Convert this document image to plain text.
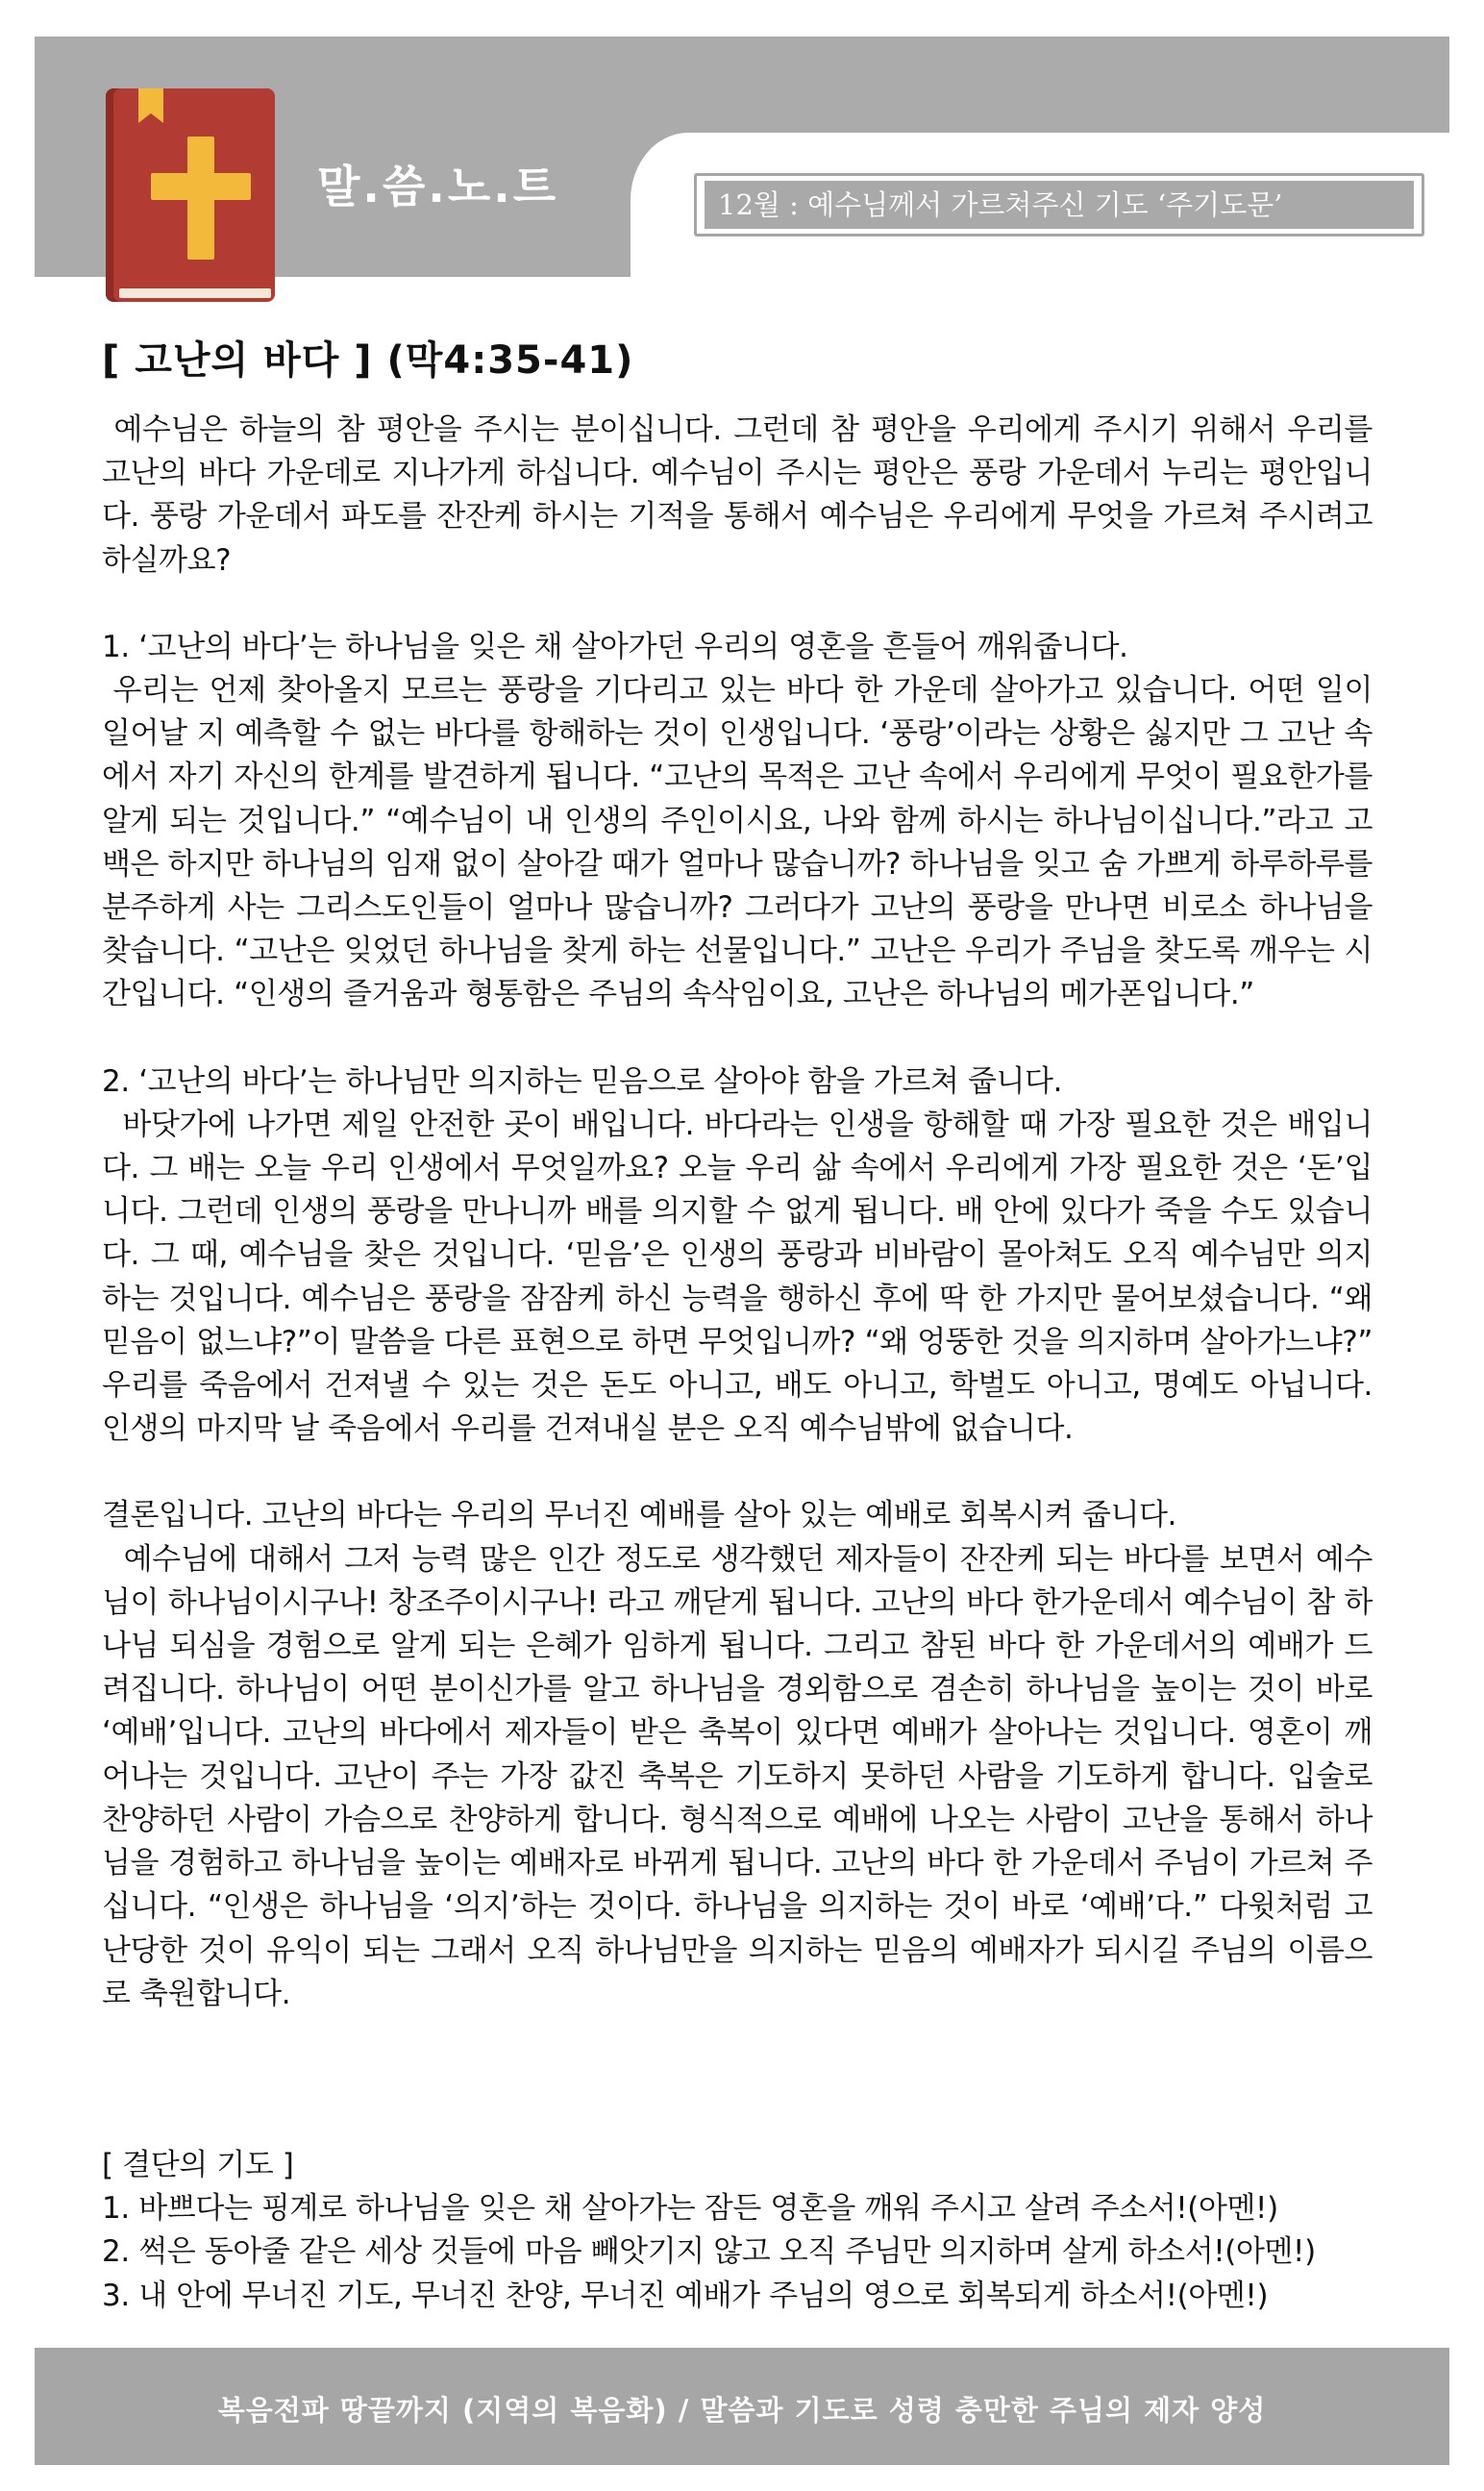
말.씀.노.트	12월 : 예수님께서 가르쳐주신 기도 ‘주기도문’
[ 고난의 바다 ] (막4:35-41)

예수님은 하늘의 참 평안을 주시는 분이십니다. 그런데 참 평안을 우리에게 주시기 위해서 우리를 고난의 바다 가운데로 지나가게 하십니다. 예수님이 주시는 평안은 풍랑 가운데서 누리는 평안입니다. 풍랑 가운데서 파도를 잔잔케 하시는 기적을 통해서 예수님은 우리에게 무엇을 가르쳐 주시려고 하실까요?

1. ‘고난의 바다’는 하나님을 잊은 채 살아가던 우리의 영혼을 흔들어 깨워줍니다.

우리는 언제 찾아올지 모르는 풍랑을 기다리고 있는 바다 한 가운데 살아가고 있습니다. 어떤 일이 일어날 지 예측할 수 없는 바다를 항해하는 것이 인생입니다. ‘풍랑’이라는 상황은 싫지만 그 고난 속에서 자기 자신의 한계를 발견하게 됩니다. “고난의 목적은 고난 속에서 우리에게 무엇이 필요한가를 알게 되는 것입니다.” “예수님이 내 인생의 주인이시요, 나와 함께 하시는 하나님이십니다.”라고 고백은 하지만 하나님의 임재 없이 살아갈 때가 얼마나 많습니까? 하나님을 잊고 숨 가쁘게 하루하루를 분주하게 사는 그리스도인들이 얼마나 많습니까? 그러다가 고난의 풍랑을 만나면 비로소 하나님을 찾습니다. “고난은 잊었던 하나님을 찾게 하는 선물입니다.” 고난은 우리가 주님을 찾도록 깨우는 시간입니다. “인생의 즐거움과 형통함은 주님의 속삭임이요, 고난은 하나님의 메가폰입니다.”

2. ‘고난의 바다’는 하나님만 의지하는 믿음으로 살아야 함을 가르쳐 줍니다.

바닷가에 나가면 제일 안전한 곳이 배입니다. 바다라는 인생을 항해할 때 가장 필요한 것은 배입니다. 그 배는 오늘 우리 인생에서 무엇일까요? 오늘 우리 삶 속에서 우리에게 가장 필요한 것은 ‘돈’입니다. 그런데 인생의 풍랑을 만나니까 배를 의지할 수 없게 됩니다. 배 안에 있다가 죽을 수도 있습니다. 그 때, 예수님을 찾은 것입니다. ‘믿음’은 인생의 풍랑과 비바람이 몰아쳐도 오직 예수님만 의지하는 것입니다. 예수님은 풍랑을 잠잠케 하신 능력을 행하신 후에 딱 한 가지만 물어보셨습니다. “왜 믿음이 없느냐?”이 말씀을 다른 표현으로 하면 무엇입니까? “왜 엉뚱한 것을 의지하며 살아가느냐?” 우리를 죽음에서 건져낼 수 있는 것은 돈도 아니고, 배도 아니고, 학벌도 아니고, 명예도 아닙니다. 인생의 마지막 날 죽음에서 우리를 건져내실 분은 오직 예수님밖에 없습니다.

결론입니다. 고난의 바다는 우리의 무너진 예배를 살아 있는 예배로 회복시켜 줍니다.

예수님에 대해서 그저 능력 많은 인간 정도로 생각했던 제자들이 잔잔케 되는 바다를 보면서 예수님이 하나님이시구나! 창조주이시구나! 라고 깨닫게 됩니다. 고난의 바다 한가운데서 예수님이 참 하나님 되심을 경험으로 알게 되는 은혜가 임하게 됩니다. 그리고 참된 바다 한 가운데서의 예배가 드려집니다. 하나님이 어떤 분이신가를 알고 하나님을 경외함으로 겸손히 하나님을 높이는 것이 바로 ‘예배’입니다. 고난의 바다에서 제자들이 받은 축복이 있다면 예배가 살아나는 것입니다. 영혼이 깨어나는 것입니다. 고난이 주는 가장 값진 축복은 기도하지 못하던 사람을 기도하게 합니다. 입술로 찬양하던 사람이 가슴으로 찬양하게 합니다. 형식적으로 예배에 나오는 사람이 고난을 통해서 하나님을 경험하고 하나님을 높이는 예배자로 바뀌게 됩니다. 고난의 바다 한 가운데서 주님이 가르쳐 주십니다. “인생은 하나님을 ‘의지’하는 것이다. 하나님을 의지하는 것이 바로 ‘예배’다.” 다윗처럼 고난당한 것이 유익이 되는 그래서 오직 하나님만을 의지하는 믿음의 예배자가 되시길 주님의 이름으로 축원합니다.

[ 결단의 기도 ]

1. 바쁘다는 핑계로 하나님을 잊은 채 살아가는 잠든 영혼을 깨워 주시고 살려 주소서!(아멘!)

2. 썩은 동아줄 같은 세상 것들에 마음 빼앗기지 않고 오직 주님만 의지하며 살게 하소서!(아멘!)

3. 내 안에 무너진 기도, 무너진 찬양, 무너진 예배가 주님의 영으로 회복되게 하소서!(아멘!)

복음전파 땅끝까지 (지역의 복음화) / 말씀과 기도로 성령 충만한 주님의 제자 양성
